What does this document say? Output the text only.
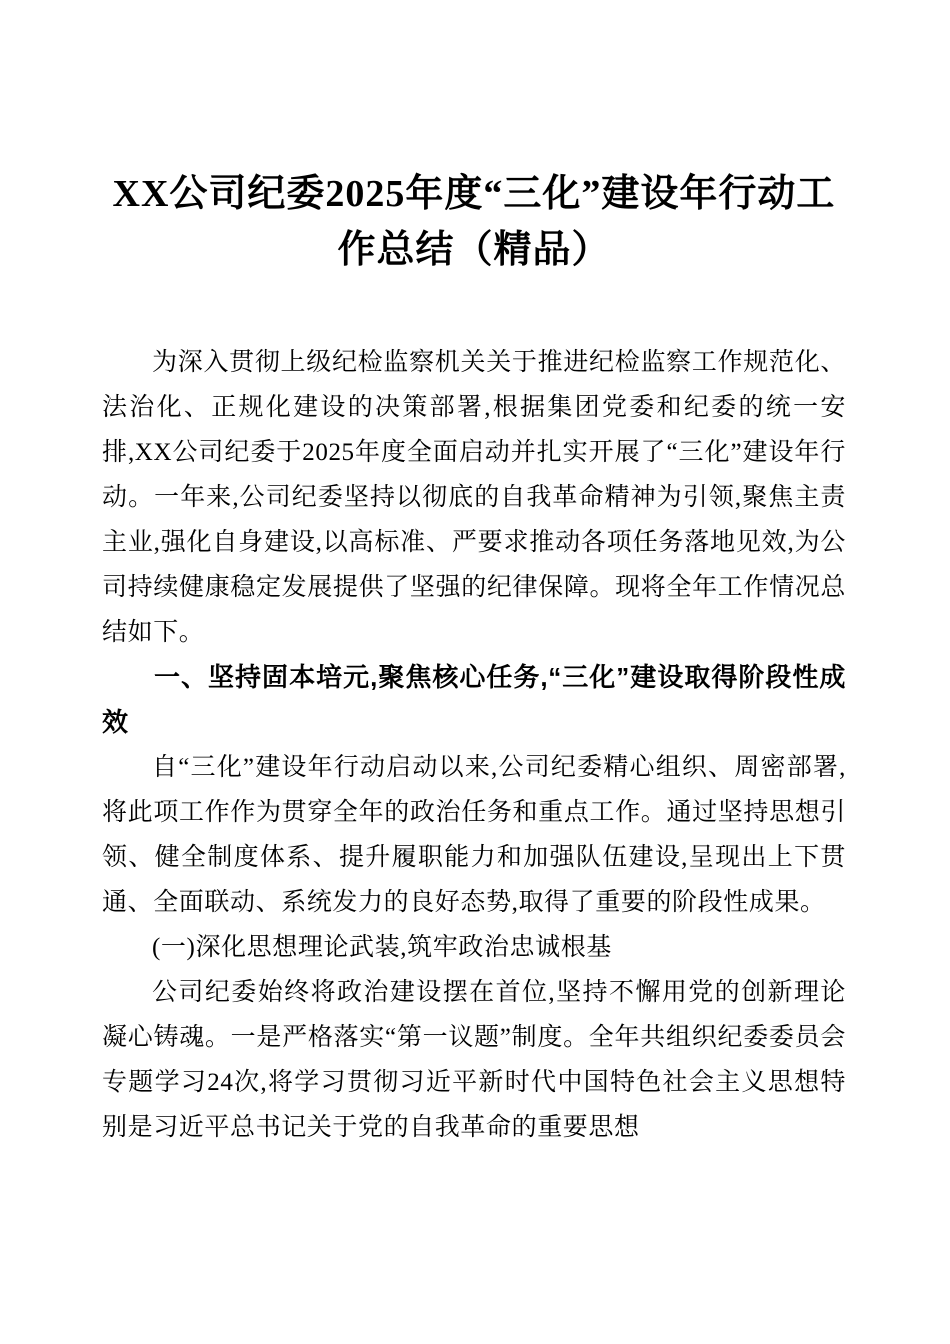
XX公司纪委2025年度“三化”建设年行动工作总结（精品）

为深入贯彻上级纪检监察机关关于推进纪检监察工作规范化、法治化、正规化建设的决策部署,根据集团党委和纪委的统一安排,XX公司纪委于2025年度全面启动并扎实开展了“三化”建设年行动。一年来,公司纪委坚持以彻底的自我革命精神为引领,聚焦主责主业,强化自身建设,以高标准、严要求推动各项任务落地见效,为公司持续健康稳定发展提供了坚强的纪律保障。现将全年工作情况总结如下。

一、坚持固本培元,聚焦核心任务,“三化”建设取得阶段性成效

自“三化”建设年行动启动以来,公司纪委精心组织、周密部署,将此项工作作为贯穿全年的政治任务和重点工作。通过坚持思想引领、健全制度体系、提升履职能力和加强队伍建设,呈现出上下贯通、全面联动、系统发力的良好态势,取得了重要的阶段性成果。

(一)深化思想理论武装,筑牢政治忠诚根基

公司纪委始终将政治建设摆在首位,坚持不懈用党的创新理论凝心铸魂。一是严格落实“第一议题”制度。全年共组织纪委委员会专题学习24次,将学习贯彻习近平新时代中国特色社会主义思想特别是习近平总书记关于党的自我革命的重要思想
